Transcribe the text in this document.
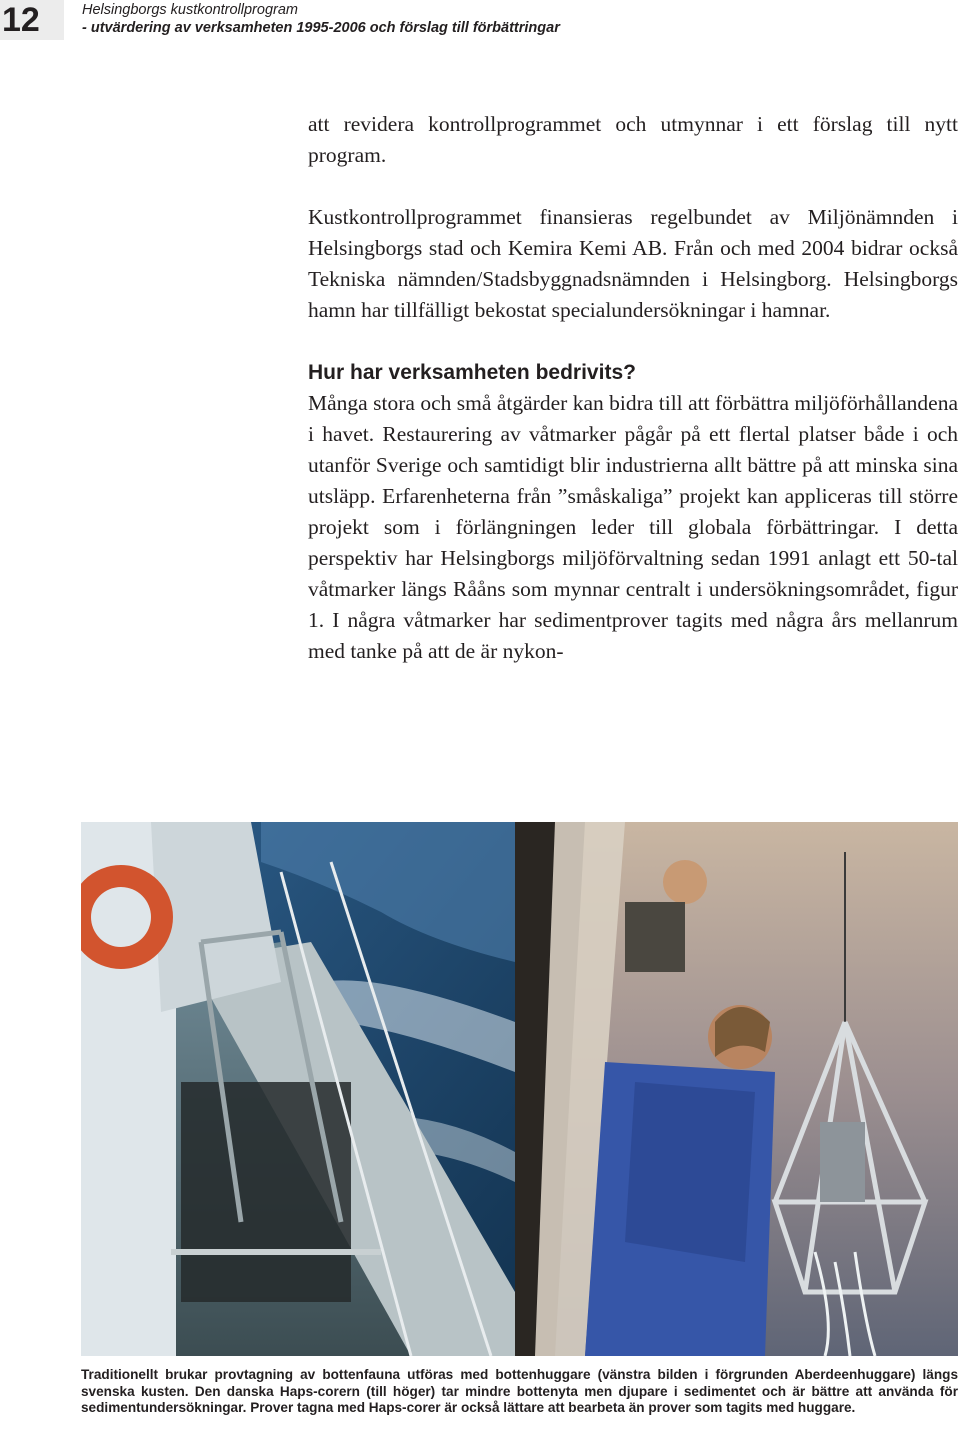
12	Helsingborgs kustkontrollprogram
- utvärdering av verksamheten 1995-2006 och förslag till förbättringar

att revidera kontrollprogrammet och utmynnar i ett förslag till nytt program.

Kustkontrollprogrammet finansieras regelbundet av Miljönämnden i Helsingborgs stad och Kemira Kemi AB. Från och med 2004 bidrar också Tekniska nämnden/Stadsbyggnadsnämnden i Helsingborg. Helsingborgs hamn har tillfälligt bekostat specialundersökningar i hamnar.

Hur har verksamheten bedrivits?

Många stora och små åtgärder kan bidra till att förbättra miljöförhållandena i havet. Restaurering av våtmarker pågår på ett flertal platser både i och utanför Sverige och samtidigt blir industrierna allt bättre på att minska sina utsläpp. Erfarenheterna från ”småskaliga” projekt kan appliceras till större projekt som i förlängningen leder till globala förbättringar. I detta perspektiv har Helsingborgs miljöförvaltning sedan 1991 anlagt ett 50-tal våtmarker längs Rååns som mynnar centralt i undersökningsområdet, figur 1. I några våtmarker har sedimentprover tagits med några års mellanrum med tanke på att de är nykon-

Traditionellt brukar provtagning av bottenfauna utföras med bottenhuggare (vänstra bilden i förgrunden Aberdeenhuggare) längs svenska kusten. Den danska Haps-corern (till höger) tar mindre bottenyta men djupare i sedimentet och är bättre att använda för sedimentundersökningar. Prover tagna med Haps-corer är också lättare att bearbeta än prover som tagits med huggare.
